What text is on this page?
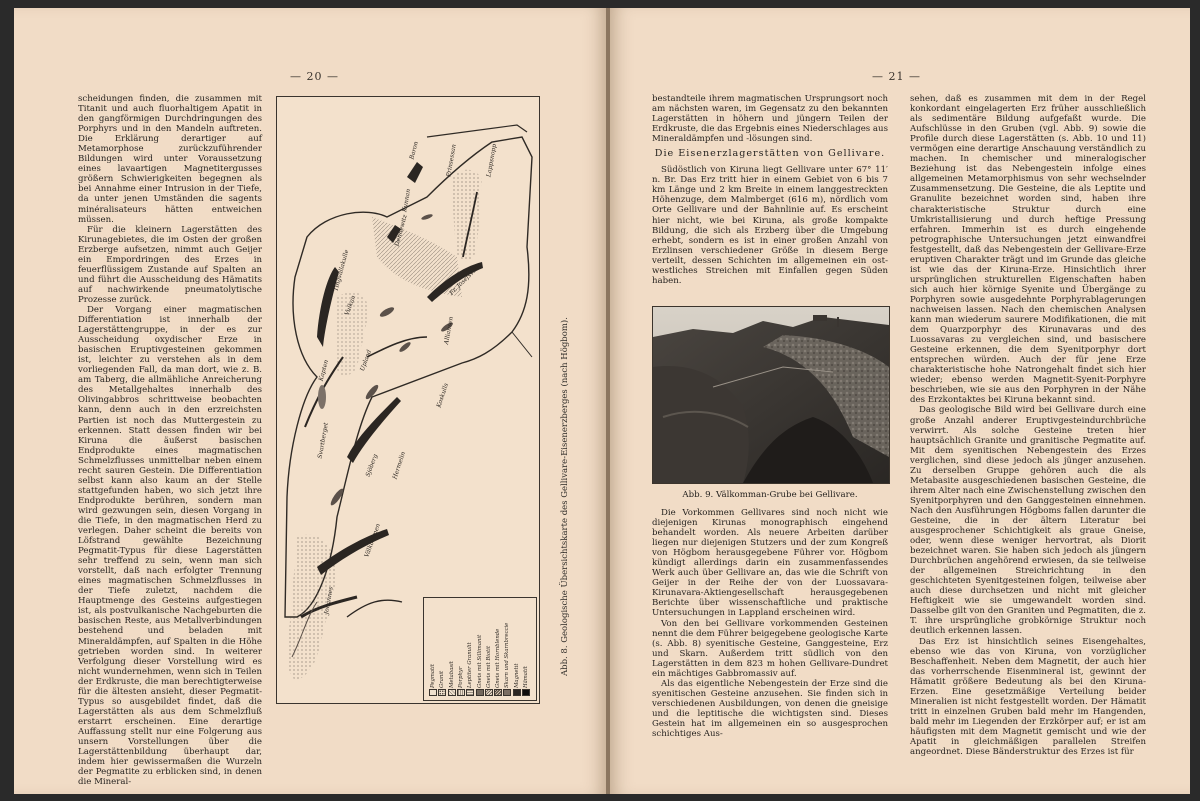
— 20 —

scheidungen finden, die zusammen mit Titanit und auch fluorhaltigem Apatit in den gangförmigen Durchdringungen des Porphyrs und in den Mandeln auftreten. Die Erklärung derartiger auf Metamorphose zurückzuführender Bildungen wird unter Voraussetzung eines lavaartigen Magnetitergusses größern Schwierigkeiten begegnen als bei Annahme einer Intrusion in der Tiefe, da unter jenen Umständen die sagents minéralisateurs hätten entweichen müssen.

Für die kleinern Lagerstätten des Kirunagebietes, die im Osten der großen Erzberge aufsetzen, nimmt auch Geijer ein Empordringen des Erzes in feuerflüssigem Zustande auf Spalten an und führt die Ausscheidung des Hämatits auf nachwirkende pneumatolytische Prozesse zurück.

Der Vorgang einer magmatischen Differentiation ist innerhalb der Lagerstättengruppe, in der es zur Ausscheidung oxydischer Erze in basischen Eruptivgesteinen gekommen ist, leichter zu verstehen als in dem vorliegenden Fall, da man dort, wie z. B. am Taberg, die allmähliche Anreicherung des Metallgehaltes innerhalb des Olivingabbros schrittweise beobachten kann, denn auch in den erzreichsten Partien ist noch das Muttergestein zu erkennen. Statt dessen finden wir bei Kiruna die äußerst basischen Endprodukte eines magmatischen Schmelzflusses unmittelbar neben einem recht sauren Gestein. Die Differentiation selbst kann also kaum an der Stelle stattgefunden haben, wo sich jetzt ihre Endprodukte berühren, sondern man wird gezwungen sein, diesen Vorgang in die Tiefe, in den magmatischen Herd zu verlegen. Daher scheint die bereits von Löfstrand gewählte Bezeichnung Pegmatit-Typus für diese Lagerstätten sehr treffend zu sein, wenn man sich vorstellt, daß nach erfolgter Trennung eines magmatischen Schmelzflusses in der Tiefe zuletzt, nachdem die Hauptmenge des Gesteins aufgestiegen ist, als postvulkanische Nachgeburten die basischen Reste, aus Metallverbindungen bestehend und beladen mit Mineraldämpfen, auf Spalten in die Höhe getrieben worden sind. In weiterer Verfolgung dieser Vorstellung wird es nicht wundernehmen, wenn sich in Teilen der Erdkruste, die man berechtigterweise für die ältesten ansieht, dieser Pegmatit-Typus so ausgebildet findet, daß die Lagerstätten als aus dem Schmelzfluß erstarrt erscheinen. Eine derartige Auffassung stellt nur eine Folgerung aus unsern Vorstellungen über die Lagerstättenbildung überhaupt dar, indem hier gewissermaßen die Wurzeln der Pegmatite zu erblicken sind, in denen die Mineral-

Välkommen
Vulkan
Kapten
Johannes
Svartberget
Sjöberg Hermelin
Koskulls
Tingvallakulle
Upland
Alliansen
Kunnan
Fr. Josefsvall
Dennewitz
Baron	Prinsessan	Lappsnopp
Pegmatit Granit Metabasit Porphyr Leptiter Granulit Gneis mit Sillimanit Gneis mit Biotit Gneis mit Hornblende Skarn und Skarnbreccie Magnetit Hämatit
Abb. 8. Geologische Übersichtskarte des Gellivare-Eisenerzberges (nach Högbom).
— 21 —

bestandteile ihrem magmatischen Ursprungsort noch am nächsten waren, im Gegensatz zu den bekannten Lagerstätten in höhern und jüngern Teilen der Erdkruste, die das Ergebnis eines Niederschlages aus Mineraldämpfen und -lösungen sind.

Die Eisenerzlagerstätten von Gellivare.

Südöstlich von Kiruna liegt Gellivare unter 67° 11′ n. Br. Das Erz tritt hier in einem Gebiet von 6 bis 7 km Länge und 2 km Breite in einem langgestreckten Höhenzuge, dem Malmberget (616 m), nördlich vom Orte Gellivare und der Bahnlinie auf. Es erscheint hier nicht, wie bei Kiruna, als große kompakte Bildung, die sich als Erzberg über die Umgebung erhebt, sondern es ist in einer großen Anzahl von Erzlinsen verschiedener Größe in diesem Berge verteilt, dessen Schichten im allgemeinen ein ost-westliches Streichen mit Einfallen gegen Süden haben.

Abb. 9. Välkomman-Grube bei Gellivare.

Die Vorkommen Gellivares sind noch nicht wie diejenigen Kirunas monographisch eingehend behandelt worden. Als neuere Arbeiten darüber liegen nur diejenigen Stutzers und der zum Kongreß von Högbom herausgegebene Führer vor. Högbom kündigt allerdings darin ein zusammenfassendes Werk auch über Gellivare an, das wie die Schrift von Geijer in der Reihe der von der Luossavara-Kirunavara-Aktiengesellschaft herausgegebenen Berichte über wissenschaftliche und praktische Untersuchungen in Lappland erscheinen wird.

Von den bei Gellivare vorkommenden Gesteinen nennt die dem Führer beigegebene geologische Karte (s. Abb. 8) syenitische Gesteine, Ganggesteine, Erz und Skarn. Außerdem tritt südlich von den Lagerstätten in dem 823 m hohen Gellivare-Dundret ein mächtiges Gabbromassiv auf.

Als das eigentliche Nebengestein der Erze sind die syenitischen Gesteine anzusehen. Sie finden sich in verschiedenen Ausbildungen, von denen die gneisige und die leptitische die wichtigsten sind. Dieses Gestein hat im allgemeinen ein so ausgesprochen schichtiges Aus-

sehen, daß es zusammen mit dem in der Regel konkordant eingelagerten Erz früher ausschließlich als sedimentäre Bildung aufgefaßt wurde. Die Aufschlüsse in den Gruben (vgl. Abb. 9) sowie die Profile durch diese Lagerstätten (s. Abb. 10 und 11) vermögen eine derartige Anschauung verständlich zu machen. In chemischer und mineralogischer Beziehung ist das Nebengestein infolge eines allgemeinen Metamorphismus von sehr wechselnder Zusammensetzung. Die Gesteine, die als Leptite und Granulite bezeichnet worden sind, haben ihre charakteristische Struktur durch eine Umkristallisierung und durch heftige Pressung erfahren. Immerhin ist es durch eingehende petrographische Untersuchungen jetzt einwandfrei festgestellt, daß das Nebengestein der Gellivare-Erze eruptiven Charakter trägt und im Grunde das gleiche ist wie das der Kiruna-Erze. Hinsichtlich ihrer ursprünglichen strukturellen Eigenschaften haben sich auch hier körnige Syenite und Übergänge zu Porphyren sowie ausgedehnte Porphyrablagerungen nachweisen lassen. Nach den chemischen Analysen kann man wiederum saurere Modifikationen, die mit dem Quarzporphyr des Kirunavaras und des Luossavaras zu vergleichen sind, und basischere Gesteine erkennen, die dem Syenitporphyr dort entsprechen würden. Auch der für jene Erze charakteristische hohe Natrongehalt findet sich hier wieder; ebenso werden Magnetit-Syenit-Porphyre beschrieben, wie sie aus den Porphyren in der Nähe des Erzkontaktes bei Kiruna bekannt sind.

Das geologische Bild wird bei Gellivare durch eine große Anzahl anderer Eruptivgesteindurchbrüche verwirrt. Als solche Gesteine treten hier hauptsächlich Granite und granitische Pegmatite auf. Mit dem syenitischen Nebengestein des Erzes verglichen, sind diese jedoch als jünger anzusehen. Zu derselben Gruppe gehören auch die als Metabasite ausgeschiedenen basischen Gesteine, die ihrem Alter nach eine Zwischenstellung zwischen den Syenitporphyren und den Ganggesteinen einnehmen. Nach den Ausführungen Högboms fallen darunter die Gesteine, die in der ältern Literatur bei ausgesprochener Schichtigkeit als graue Gneise, oder, wenn diese weniger hervortrat, als Diorit bezeichnet waren. Sie haben sich jedoch als jüngern Durchbrüchen angehörend erwiesen, da sie teilweise der allgemeinen Streichrichtung in den geschichteten Syenitgesteinen folgen, teilweise aber auch diese durchsetzen und nicht mit gleicher Heftigkeit wie sie umgewandelt worden sind. Dasselbe gilt von den Graniten und Pegmatiten, die z. T. ihre ursprüngliche grobkörnige Struktur noch deutlich erkennen lassen.

Das Erz ist hinsichtlich seines Eisengehaltes, ebenso wie das von Kiruna, von vorzüglicher Beschaffenheit. Neben dem Magnetit, der auch hier das vorherrschende Eisenmineral ist, gewinnt der Hämatit größere Bedeutung als bei den Kiruna-Erzen. Eine gesetzmäßige Verteilung beider Mineralien ist nicht festgestellt worden. Der Hämatit tritt in einzelnen Gruben bald mehr im Hangenden, bald mehr im Liegenden der Erzkörper auf; er ist am häufigsten mit dem Magnetit gemischt und wie der Apatit in gleichmäßigen parallelen Streifen angeordnet. Diese Bänderstruktur des Erzes ist für
